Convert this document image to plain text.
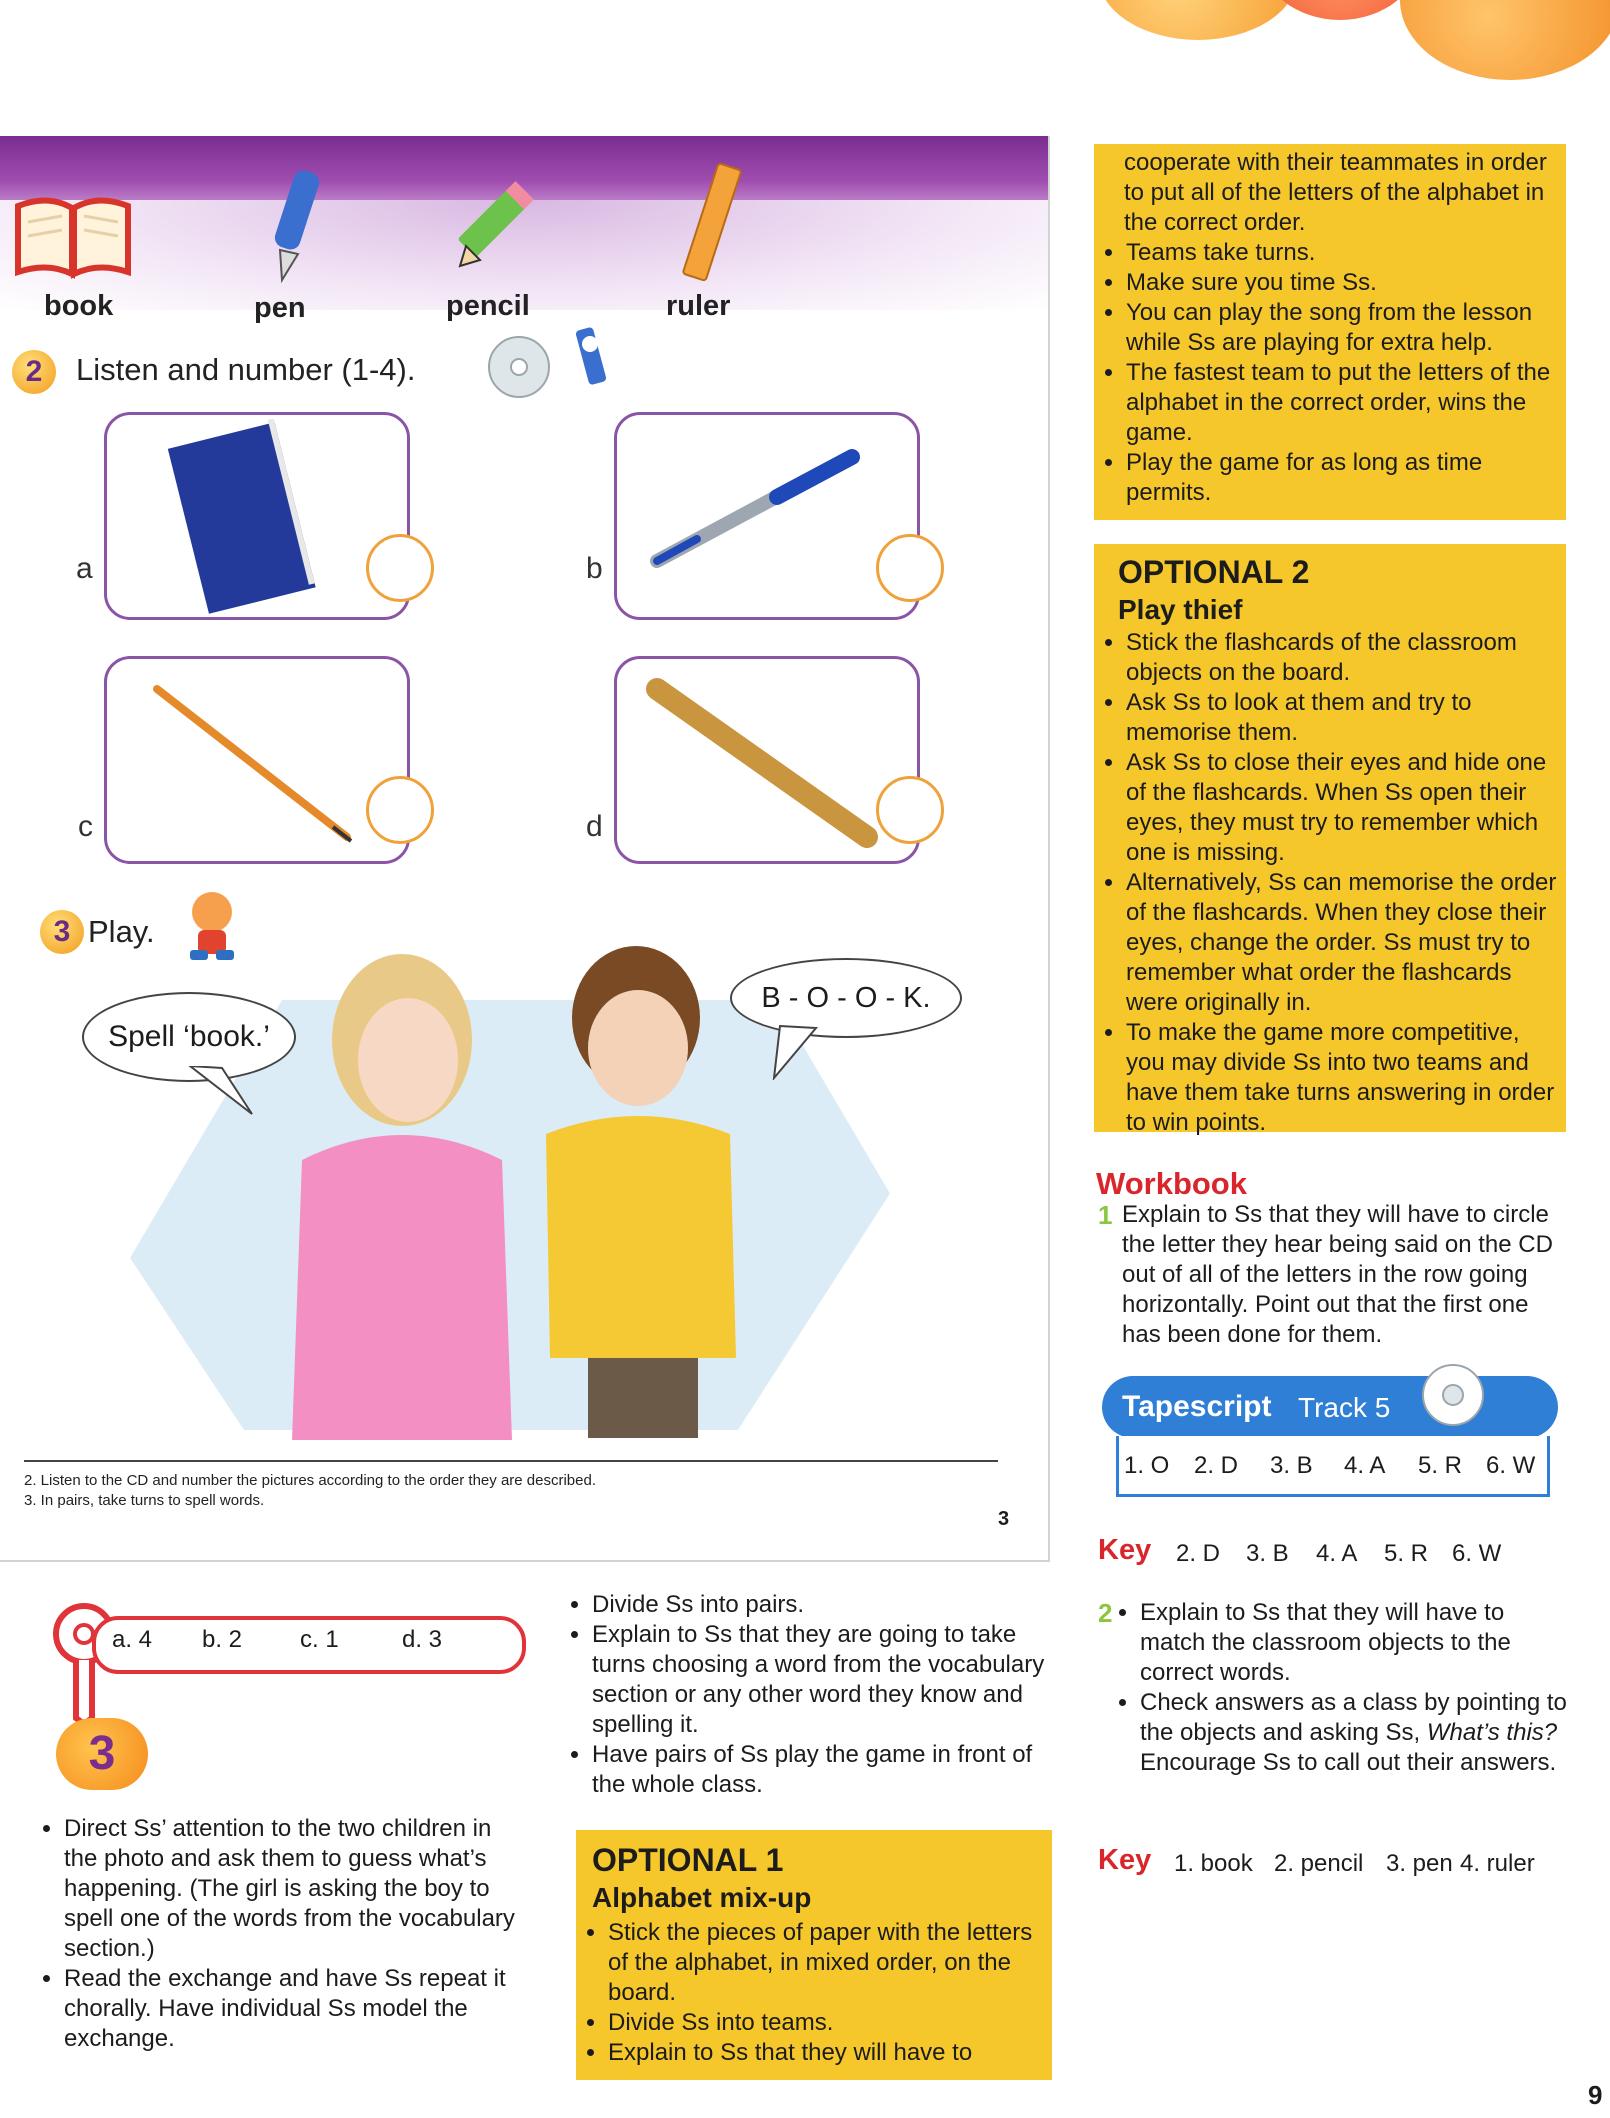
book	pen	pencil	ruler
2	Listen and number (1-4).
a	b
c	d
3 Play.
Spell ‘book.’
B - O - O - K.
2. Listen to the CD and number the pictures according to the order they are described.
3. In pairs, take turns to spell words.
3
a. 4 b. 2 c. 1	d. 3
3
• Direct Ss’ attention to the two children in the photo and ask them to guess what’s happening. (The girl is asking the boy to spell one of the words from the vocabulary section.)
• Read the exchange and have Ss repeat it chorally. Have individual Ss model the exchange.
• Divide Ss into pairs.
• Explain to Ss that they are going to take turns choosing a word from the vocabulary section or any other word they know and spelling it.
• Have pairs of Ss play the game in front of the whole class.
OPTIONAL 1
Alphabet mix-up
• Stick the pieces of paper with the letters of the alphabet, in mixed order, on the board.
• Divide Ss into teams.
• Explain to Ss that they will have to
cooperate with their teammates in order to put all of the letters of the alphabet in the correct order.
• Teams take turns.
• Make sure you time Ss.
• You can play the song from the lesson while Ss are playing for extra help.
• The fastest team to put the letters of the alphabet in the correct order, wins the game.
• Play the game for as long as time permits.
OPTIONAL 2
Play thief
• Stick the flashcards of the classroom objects on the board.
• Ask Ss to look at them and try to memorise them.
• Ask Ss to close their eyes and hide one of the flashcards. When Ss open their eyes, they must try to remember which one is missing.
• Alternatively, Ss can memorise the order of the flashcards. When they close their eyes, change the order. Ss must try to remember what order the flashcards were originally in.
• To make the game more competitive, you may divide Ss into two teams and have them take turns answering in order to win points.
Workbook
1 Explain to Ss that they will have to circle the letter they hear being said on the CD out of all of the letters in the row going horizontally. Point out that the first one has been done for them.
Tapescript Track 5
1. O 2. D 3. B 4. A 5. R 6. W
Key 2. D 3. B 4. A 5. R 6. W
2
• Explain to Ss that they will have to match the classroom objects to the correct words.
• Check answers as a class by pointing to the objects and asking Ss, What’s this? Encourage Ss to call out their answers.
Key 1. book 2. pencil 3. pen 4. ruler
9
